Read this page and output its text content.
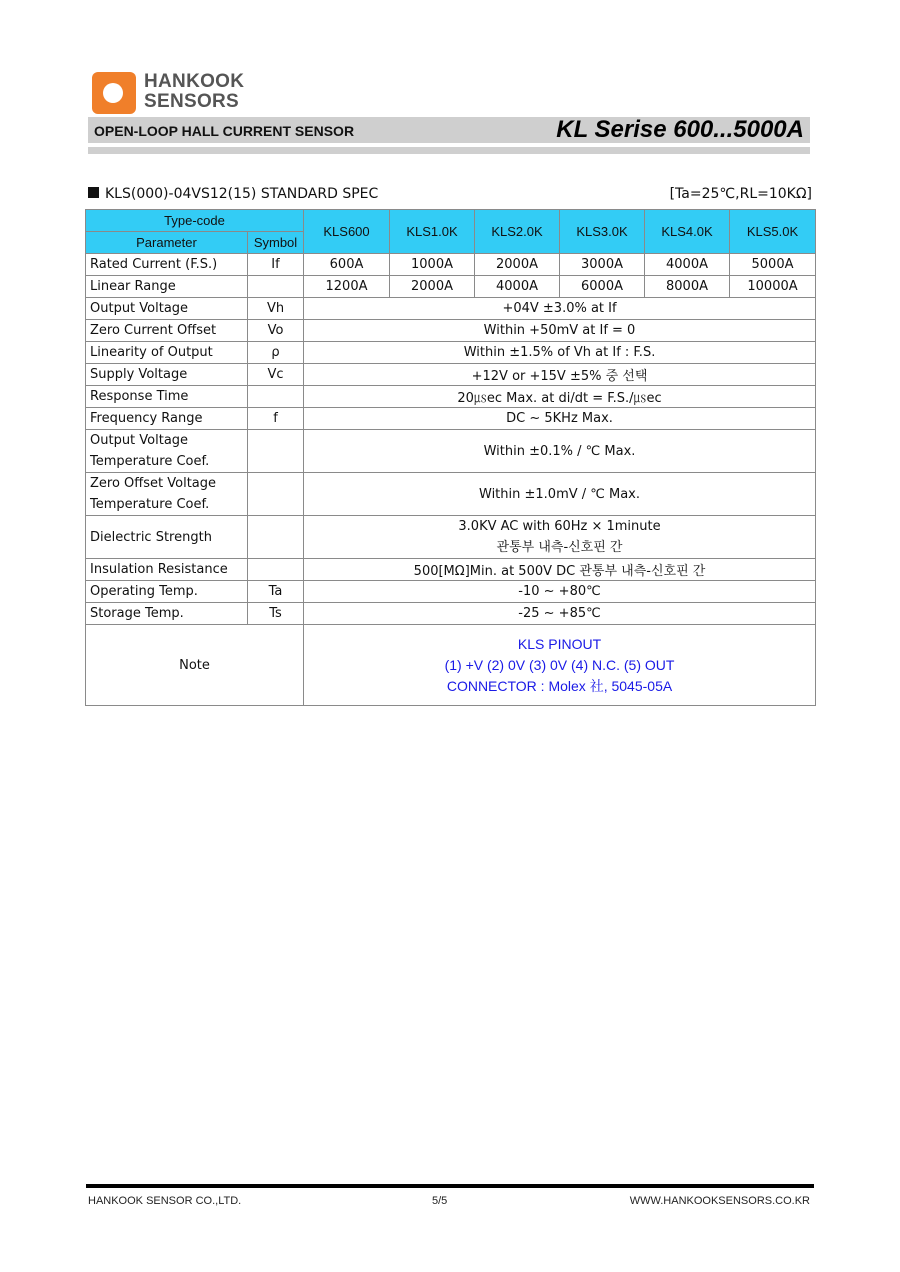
HANKOOK
SENSORS
OPEN-LOOP HALL CURRENT SENSOR	KL Serise 600...5000A
KLS(000)-04VS12(15) STANDARD SPEC	[Ta=25℃,RL=10KΩ]
Type-code		KLS600	KLS1.0K	KLS2.0K	KLS3.0K	KLS4.0K	KLS5.0K
Parameter	Symbol						
Rated Current (F.S.)	If	600A	1000A	2000A	3000A	4000A	5000A
Linear Range		1200A	2000A	4000A	6000A	8000A	10000A
Output Voltage	Vh	+04V ±3.0% at If					
Zero Current Offset	Vo	Within +50mV at If = 0					
Linearity of Output	ρ	Within ±1.5% of Vh at If : F.S.					
Supply Voltage	Vc	+12V or +15V ±5% 중 선택					
Response Time		20㎲ec Max. at di/dt = F.S./㎲ec					
Frequency Range	f	DC ~ 5KHz Max.					

Output Voltage
Temperature Coef.		Within ±0.1% / ℃ Max.					

Zero Offset Voltage
Temperature Coef.		Within ±1.0mV / ℃ Max.					
Dielectric Strength		3.0KV AC with 60Hz × 1minute
관통부 내측-신호핀 간					

Insulation Resistance		500[MΩ]Min. at 500V DC 관통부 내측-신호핀 간					
Operating Temp.	Ta	-10 ~ +80℃					
Storage Temp.	Ts	-25 ~ +85℃					
Note		KLS PINOUT
(1) +V (2) 0V (3) 0V (4) N.C. (5) OUT
CONNECTOR : Molex 社, 5045-05A					
HANKOOK SENSOR CO.,LTD.	5/5	WWW.HANKOOKSENSORS.CO.KR
